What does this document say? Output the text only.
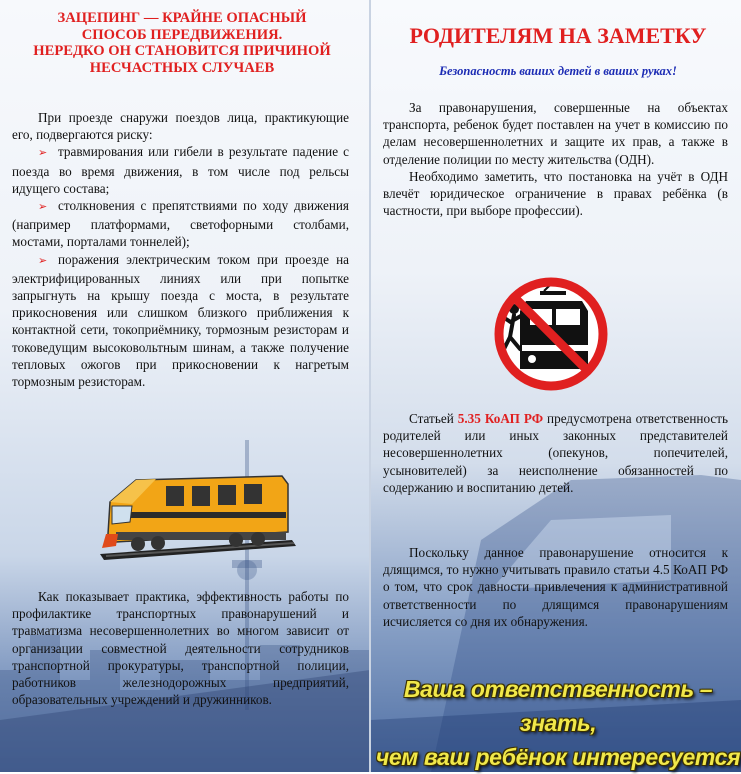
ЗАЦЕПИНГ — КРАЙНЕ ОПАСНЫЙ
СПОСОБ ПЕРЕДВИЖЕНИЯ.
НЕРЕДКО ОН СТАНОВИТСЯ ПРИЧИНОЙ
НЕСЧАСТНЫХ СЛУЧАЕВ

При проезде снаружи поездов лица, практикующие его, подвергаются риску:

➢ травмирования или гибели в результате падение с поезда во время движения, в том числе под рельсы идущего состава;

➢ столкновения с препятствиями по ходу движения (например платформами, светофорными столбами, мостами, порталами тоннелей);

➢ поражения электрическим током при проезде на электрифицированных линиях или при попытке запрыгнуть на крышу поезда с моста, в результате прикосновения или слишком близкого приближения к контактной сети, токоприёмнику, тормозным резисторам и токоведущим высоковольтным шинам, а также получение тепловых ожогов при прикосновении к нагретым тормозным резисторам.

Как показывает практика, эффективность работы по профилактике транспортных правонарушений и травматизма несовершеннолетних во многом зависит от организации совместной деятельности сотрудников транспортной прокуратуры, транспортной полиции, работников железнодорожных предприятий, образовательных учреждений и дружинников.

РОДИТЕЛЯМ НА ЗАМЕТКУ
Безопасность ваших детей в ваших руках!

За правонарушения, совершенные на объектах транспорта, ребенок будет поставлен на учет в комиссию по делам несовершеннолетних и защите их прав, а также в отделение полиции по месту жительства (ОДН).

Необходимо заметить, что постановка на учёт в ОДН влечёт юридическое ограничение в правах ребёнка (в частности, при выборе профессии).

Статьей 5.35 КоАП РФ предусмотрена ответственность родителей или иных законных представителей несовершеннолетних (опекунов, попечителей, усыновителей) за неисполнение обязанностей по содержанию и воспитанию детей.

Поскольку данное правонарушение относится к длящимся, то нужно учитывать правило статьи 4.5 КоАП РФ о том, что срок давности привлечения к административной ответственности по длящимся правонарушениям исчисляется со дня их обнаружения.

Ваша ответственность – знать,
чем ваш ребёнок интересуется
